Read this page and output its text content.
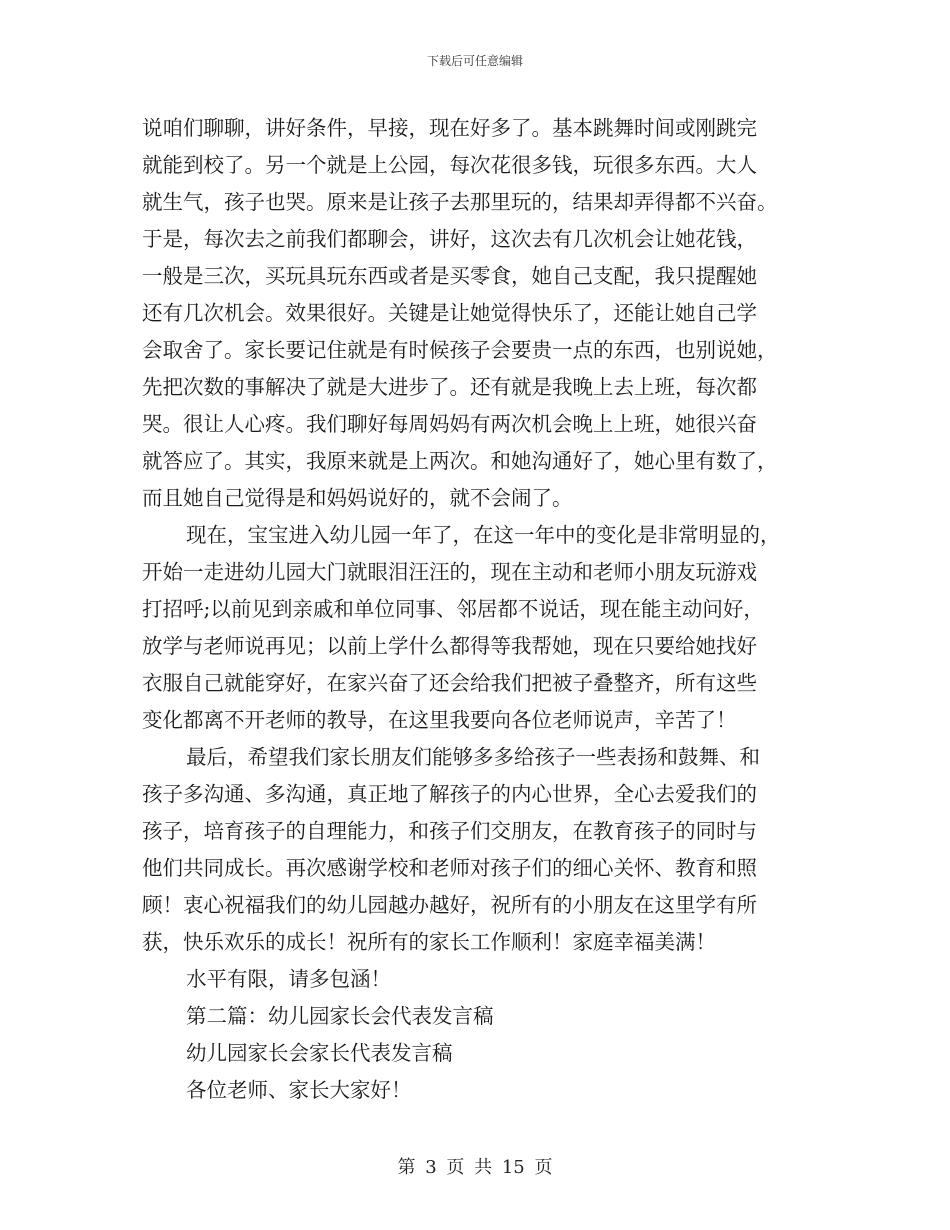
下载后可任意编辑
说咱们聊聊，讲好条件，早接，现在好多了。基本跳舞时间或刚跳完
就能到校了。另一个就是上公园，每次花很多钱，玩很多东西。大人
就生气，孩子也哭。原来是让孩子去那里玩的，结果却弄得都不兴奋。
于是，每次去之前我们都聊会，讲好，这次去有几次机会让她花钱，
一般是三次，买玩具玩东西或者是买零食，她自己支配，我只提醒她
还有几次机会。效果很好。关键是让她觉得快乐了，还能让她自己学
会取舍了。家长要记住就是有时候孩子会要贵一点的东西，也别说她，
先把次数的事解决了就是大进步了。还有就是我晚上去上班，每次都
哭。很让人心疼。我们聊好每周妈妈有两次机会晚上上班，她很兴奋
就答应了。其实，我原来就是上两次。和她沟通好了，她心里有数了，
而且她自己觉得是和妈妈说好的，就不会闹了。
现在，宝宝进入幼儿园一年了，在这一年中的变化是非常明显的，
开始一走进幼儿园大门就眼泪汪汪的，现在主动和老师小朋友玩游戏
打招呼;以前见到亲戚和单位同事、邻居都不说话，现在能主动问好，
放学与老师说再见；以前上学什么都得等我帮她，现在只要给她找好
衣服自己就能穿好，在家兴奋了还会给我们把被子叠整齐，所有这些
变化都离不开老师的教导，在这里我要向各位老师说声，辛苦了！
最后，希望我们家长朋友们能够多多给孩子一些表扬和鼓舞、和
孩子多沟通、多沟通，真正地了解孩子的内心世界，全心去爱我们的
孩子，培育孩子的自理能力，和孩子们交朋友，在教育孩子的同时与
他们共同成长。再次感谢学校和老师对孩子们的细心关怀、教育和照
顾！衷心祝福我们的幼儿园越办越好，祝所有的小朋友在这里学有所
获，快乐欢乐的成长！祝所有的家长工作顺利！家庭幸福美满！
水平有限，请多包涵！
第二篇：幼儿园家长会代表发言稿
幼儿园家长会家长代表发言稿
各位老师、家长大家好！
第 3 页 共 15 页
